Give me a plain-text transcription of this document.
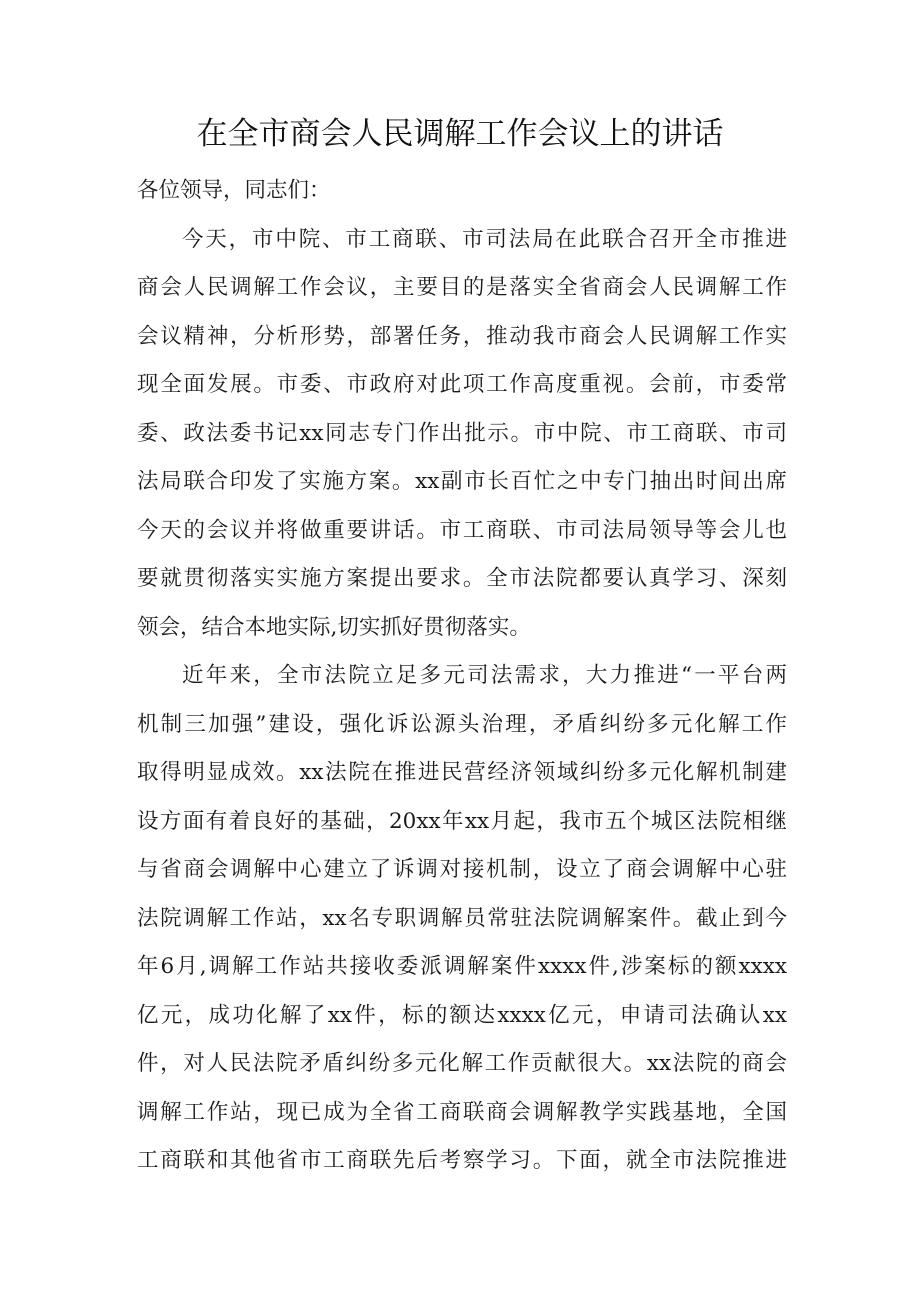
在全市商会人民调解工作会议上的讲话
各位领导，同志们：
今天，市中院、市工商联、市司法局在此联合召开全市推进
商会人民调解工作会议，主要目的是落实全省商会人民调解工作
会议精神，分析形势，部署任务，推动我市商会人民调解工作实
现全面发展。市委、市政府对此项工作高度重视。会前，市委常
委、政法委书记xx同志专门作出批示。市中院、市工商联、市司
法局联合印发了实施方案。xx副市长百忙之中专门抽出时间出席
今天的会议并将做重要讲话。市工商联、市司法局领导等会儿也
要就贯彻落实实施方案提出要求。全市法院都要认真学习、深刻
领会，结合本地实际,切实抓好贯彻落实。
近年来，全市法院立足多元司法需求，大力推进“一平台两
机制三加强”建设，强化诉讼源头治理，矛盾纠纷多元化解工作
取得明显成效。xx法院在推进民营经济领域纠纷多元化解机制建
设方面有着良好的基础，20xx年xx月起，我市五个城区法院相继
与省商会调解中心建立了诉调对接机制，设立了商会调解中心驻
法院调解工作站，xx名专职调解员常驻法院调解案件。截止到今
年6月,调解工作站共接收委派调解案件xxxx件,涉案标的额xxxx
亿元，成功化解了xx件，标的额达xxxx亿元，申请司法确认xx
件，对人民法院矛盾纠纷多元化解工作贡献很大。xx法院的商会
调解工作站，现已成为全省工商联商会调解教学实践基地，全国
工商联和其他省市工商联先后考察学习。下面，就全市法院推进
